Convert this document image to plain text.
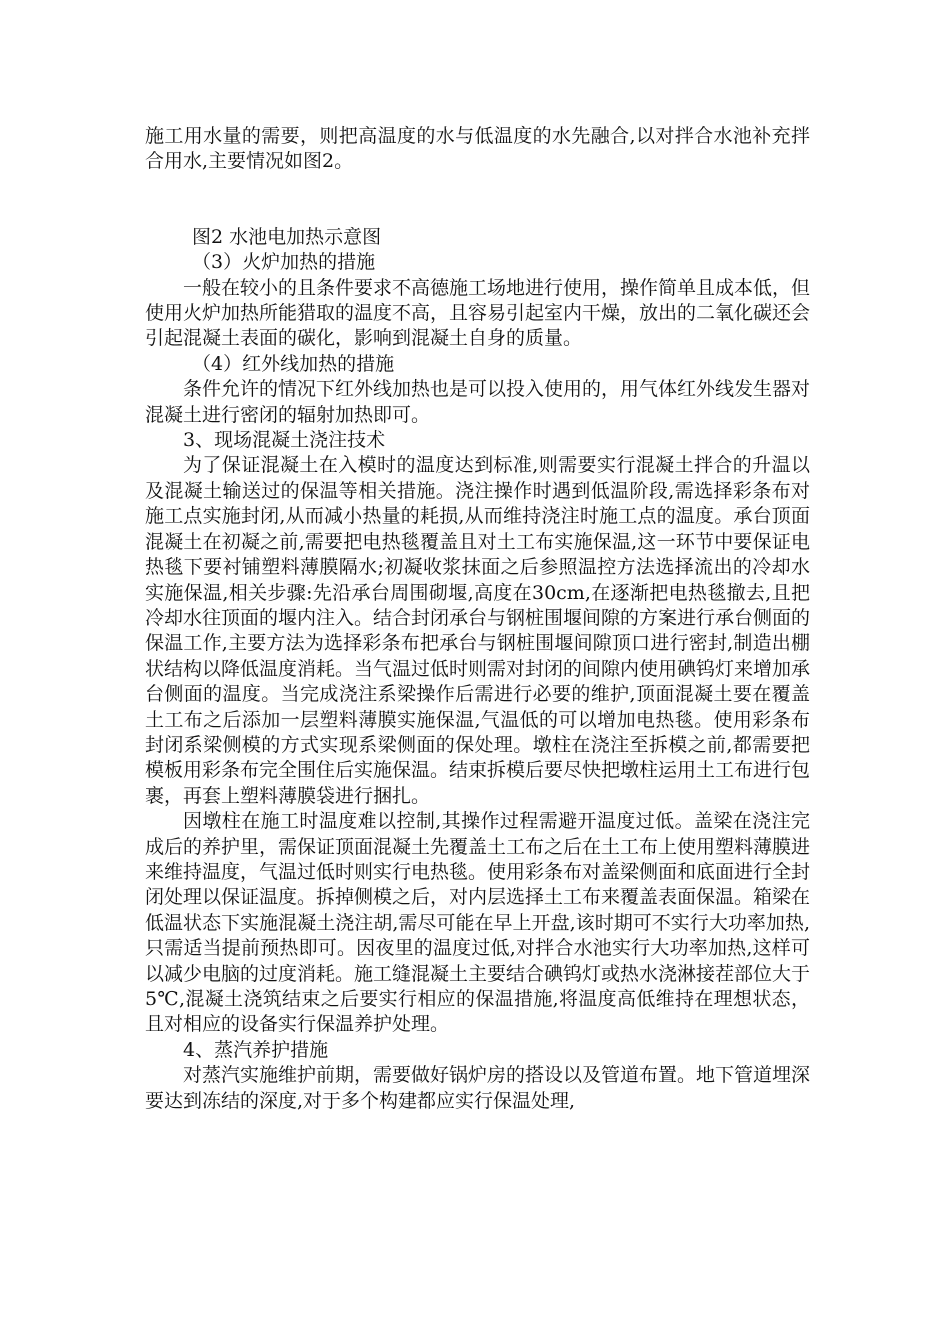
施工用水量的需要，则把高温度的水与低温度的水先融合,以对拌合水池补充拌合用水,主要情况如图2。

图2 水池电加热示意图

（3）火炉加热的措施

一般在较小的且条件要求不高德施工场地进行使用，操作简单且成本低，但使用火炉加热所能猎取的温度不高，且容易引起室内干燥，放出的二氧化碳还会引起混凝土表面的碳化，影响到混凝土自身的质量。

（4）红外线加热的措施

条件允许的情况下红外线加热也是可以投入使用的，用气体红外线发生器对混凝土进行密闭的辐射加热即可。

3、现场混凝土浇注技术

为了保证混凝土在入模时的温度达到标准,则需要实行混凝土拌合的升温以及混凝土输送过的保温等相关措施。浇注操作时遇到低温阶段,需选择彩条布对施工点实施封闭,从而减小热量的耗损,从而维持浇注时施工点的温度。承台顶面混凝土在初凝之前,需要把电热毯覆盖且对土工布实施保温,这一环节中要保证电热毯下要衬铺塑料薄膜隔水;初凝收浆抹面之后参照温控方法选择流出的冷却水实施保温,相关步骤:先沿承台周围砌堰,高度在30cm,在逐渐把电热毯撤去,且把冷却水往顶面的堰内注入。结合封闭承台与钢桩围堰间隙的方案进行承台侧面的保温工作,主要方法为选择彩条布把承台与钢桩围堰间隙顶口进行密封,制造出棚状结构以降低温度消耗。当气温过低时则需对封闭的间隙内使用碘钨灯来增加承台侧面的温度。当完成浇注系梁操作后需进行必要的维护,顶面混凝土要在覆盖土工布之后添加一层塑料薄膜实施保温,气温低的可以增加电热毯。使用彩条布封闭系梁侧模的方式实现系梁侧面的保处理。墩柱在浇注至拆模之前,都需要把模板用彩条布完全围住后实施保温。结束拆模后要尽快把墩柱运用土工布进行包裹，再套上塑料薄膜袋进行捆扎。

因墩柱在施工时温度难以控制,其操作过程需避开温度过低。盖梁在浇注完成后的养护里，需保证顶面混凝土先覆盖土工布之后在土工布上使用塑料薄膜进来维持温度，气温过低时则实行电热毯。使用彩条布对盖梁侧面和底面进行全封闭处理以保证温度。拆掉侧模之后，对内层选择土工布来覆盖表面保温。箱梁在低温状态下实施混凝土浇注胡,需尽可能在早上开盘,该时期可不实行大功率加热,只需适当提前预热即可。因夜里的温度过低,对拌合水池实行大功率加热,这样可以减少电脑的过度消耗。施工缝混凝土主要结合碘钨灯或热水浇淋接茬部位大于5℃,混凝土浇筑结束之后要实行相应的保温措施,将温度高低维持在理想状态，且对相应的设备实行保温养护处理。

4、蒸汽养护措施

对蒸汽实施维护前期，需要做好锅炉房的搭设以及管道布置。地下管道埋深要达到冻结的深度,对于多个构建都应实行保温处理,
